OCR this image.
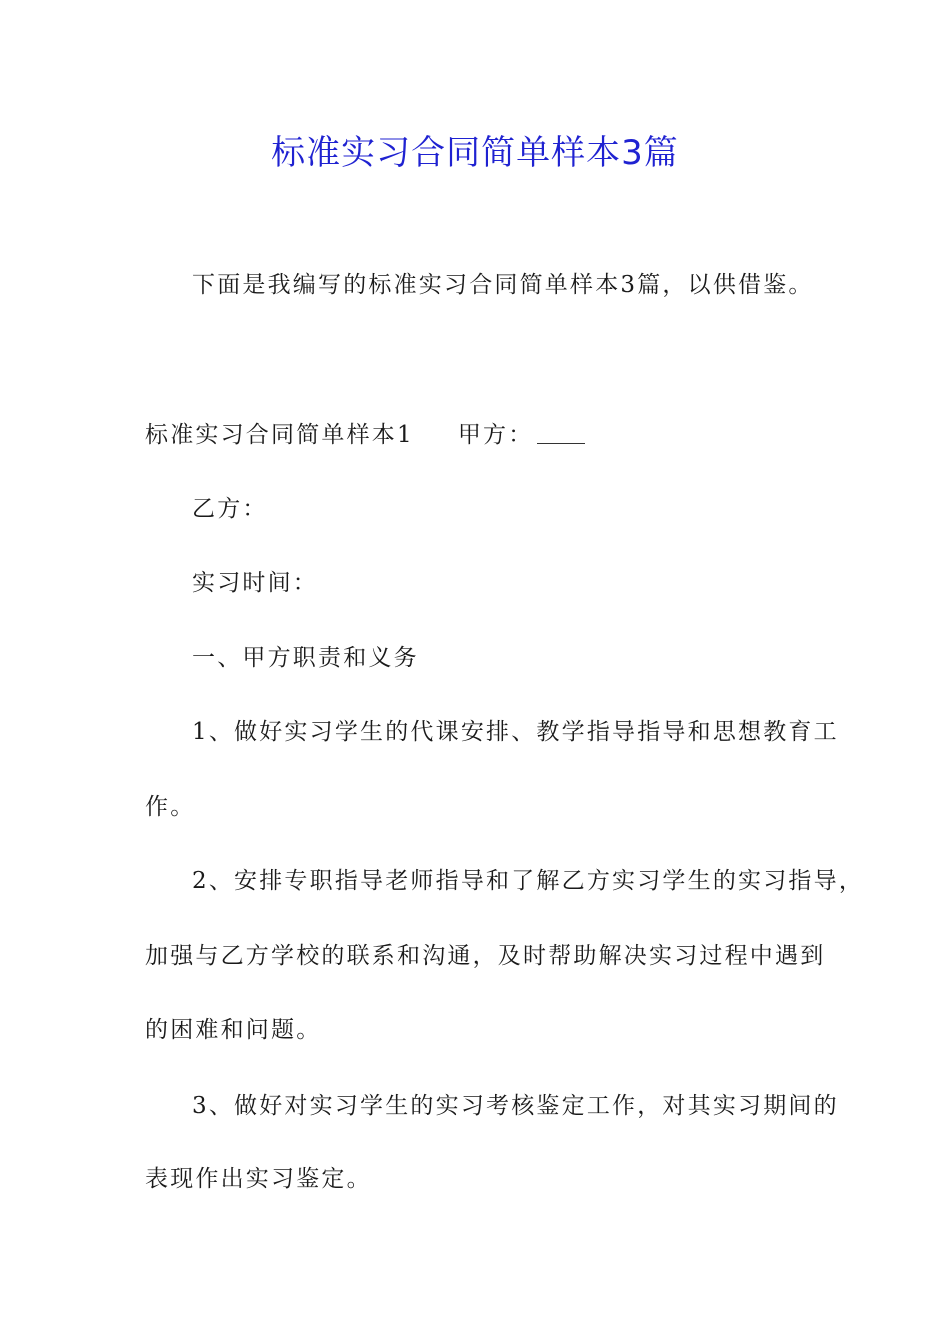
标准实习合同简单样本3篇
下面是我编写的标准实习合同简单样本3篇，以供借鉴。
标准实习合同简单样本1 甲方：
乙方：
实习时间：
一、甲方职责和义务
1、做好实习学生的代课安排、教学指导指导和思想教育工
作。
2、安排专职指导老师指导和了解乙方实习学生的实习指导，
加强与乙方学校的联系和沟通，及时帮助解决实习过程中遇到
的困难和问题。
3、做好对实习学生的实习考核鉴定工作，对其实习期间的
表现作出实习鉴定。
